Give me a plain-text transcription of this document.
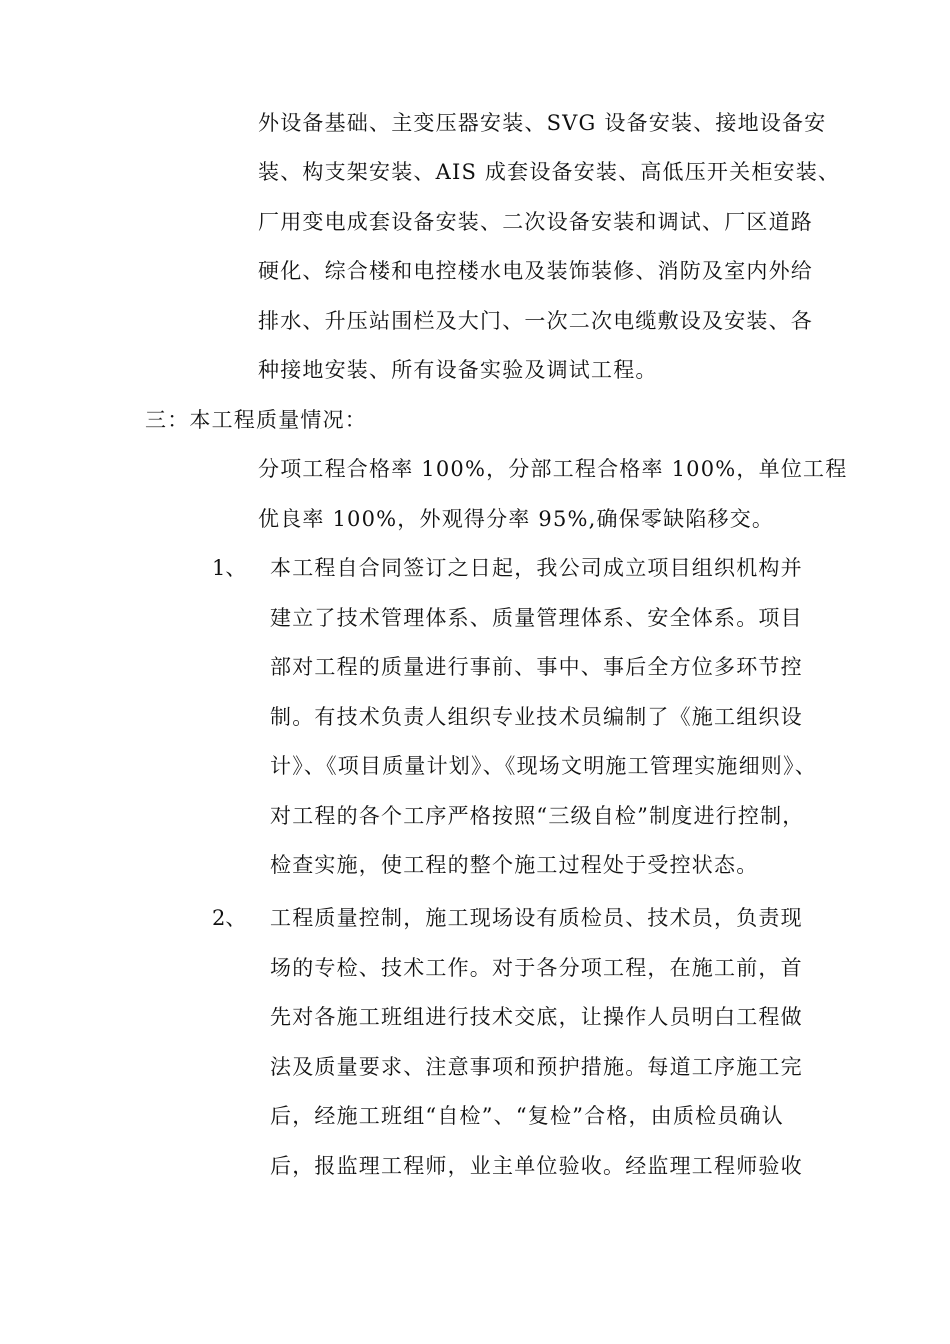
外设备基础、主变压器安装、SVG 设备安装、接地设备安
装、构支架安装、AIS 成套设备安装、高低压开关柜安装、
厂用变电成套设备安装、二次设备安装和调试、厂区道路
硬化、综合楼和电控楼水电及装饰装修、消防及室内外给
排水、升压站围栏及大门、一次二次电缆敷设及安装、各
种接地安装、所有设备实验及调试工程。
三：本工程质量情况：
分项工程合格率 100%，分部工程合格率 100%，单位工程
优良率 100%，外观得分率 95%,确保零缺陷移交。
1、 本工程自合同签订之日起，我公司成立项目组织机构并
建立了技术管理体系、质量管理体系、安全体系。项目
部对工程的质量进行事前、事中、事后全方位多环节控
制。有技术负责人组织专业技术员编制了《施工组织设
计》、《项目质量计划》、《现场文明施工管理实施细则》、
对工程的各个工序严格按照“三级自检”制度进行控制，
检查实施，使工程的整个施工过程处于受控状态。
2、 工程质量控制，施工现场设有质检员、技术员，负责现
场的专检、技术工作。对于各分项工程，在施工前，首
先对各施工班组进行技术交底，让操作人员明白工程做
法及质量要求、注意事项和预护措施。每道工序施工完
后，经施工班组“自检”、“复检”合格，由质检员确认
后，报监理工程师，业主单位验收。经监理工程师验收
